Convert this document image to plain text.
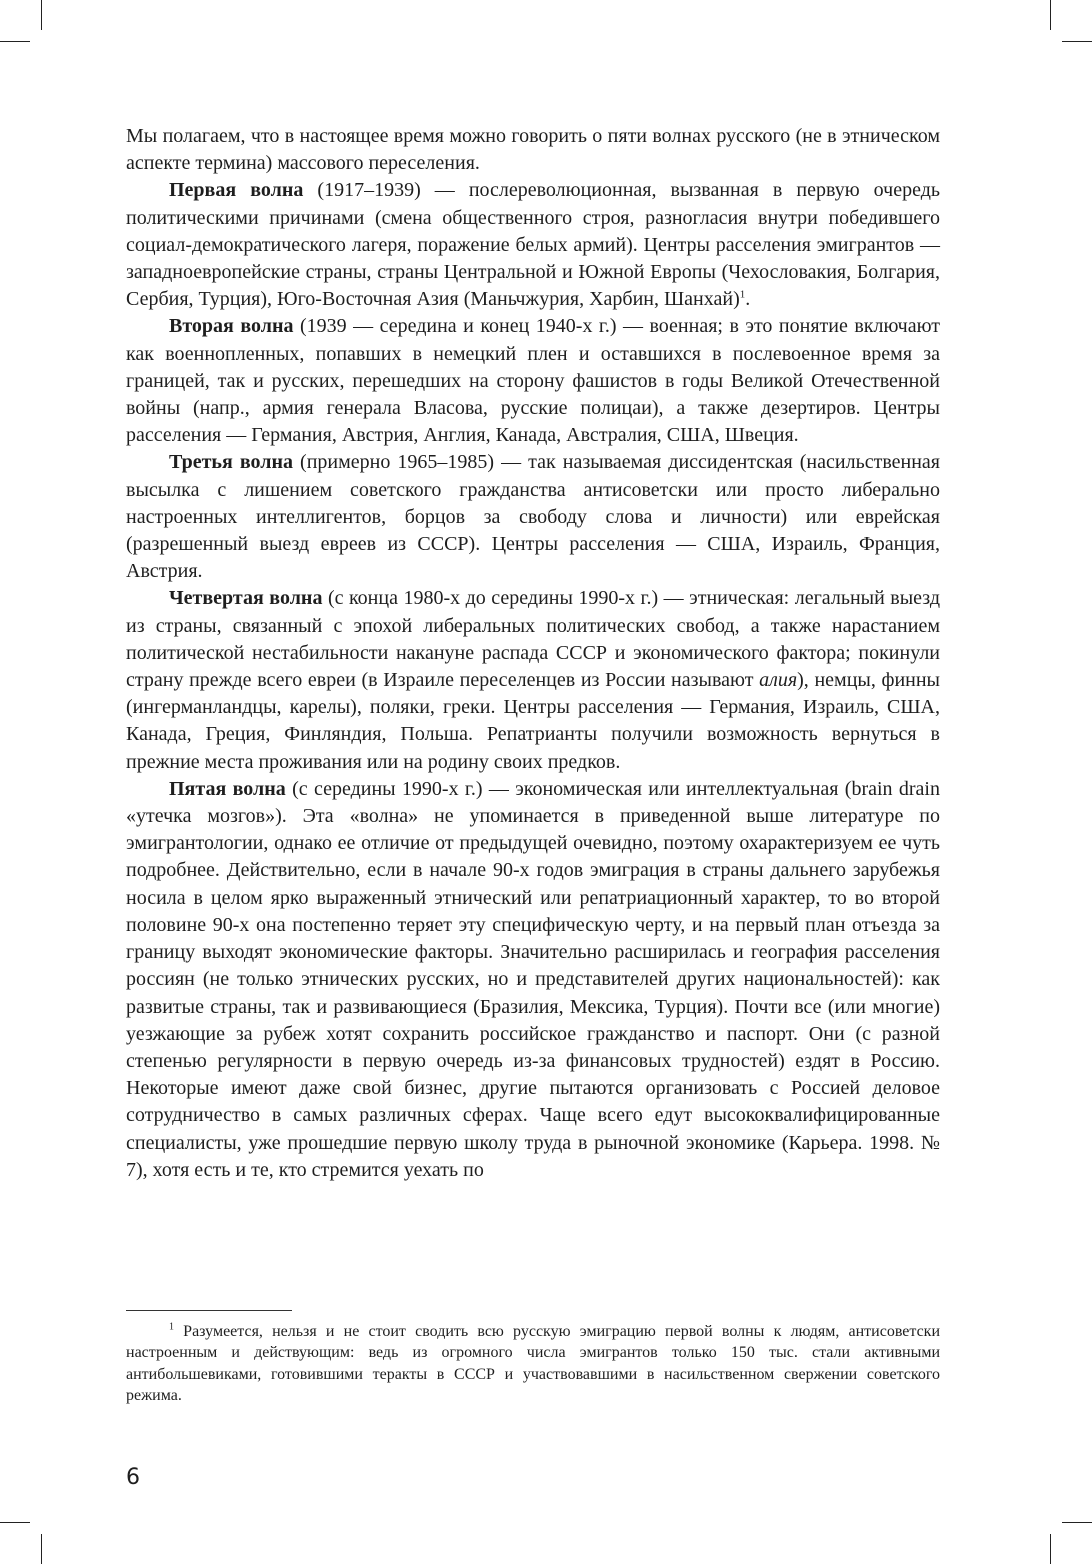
Мы полагаем, что в настоящее время можно говорить о пяти волнах русского (не в этническом аспекте термина) массового переселения.

Первая волна (1917–1939) — послереволюционная, вызванная в первую очередь политическими причинами (смена общественного строя, разногласия внутри победившего социал-демократического лагеря, поражение белых армий). Центры расселения эмигрантов — западноевропейские страны, страны Центральной и Южной Европы (Чехословакия, Болгария, Сербия, Турция), Юго-Восточная Азия (Маньчжурия, Харбин, Шанхай)$^1$.

Вторая волна (1939 — середина и конец 1940-х г.) — военная; в это понятие включают как военнопленных, попавших в немецкий плен и оставшихся в послевоенное время за границей, так и русских, перешедших на сторону фашистов в годы Великой Отечественной войны (напр., армия генерала Власова, русские полицаи), а также дезертиров. Центры расселения — Германия, Австрия, Англия, Канада, Австралия, США, Швеция.

Третья волна (примерно 1965–1985) — так называемая диссидентская (насильственная высылка с лишением советского гражданства антисоветски или просто либерально настроенных интеллигентов, борцов за свободу слова и личности) или еврейская (разрешенный выезд евреев из СССР). Центры расселения — США, Израиль, Франция, Австрия.

Четвертая волна (с конца 1980-х до середины 1990-х г.) — этническая: легальный выезд из страны, связанный с эпохой либеральных политических свобод, а также нарастанием политической нестабильности накануне распада СССР и экономического фактора; покинули страну прежде всего евреи (в Израиле переселенцев из России называют алия), немцы, финны (ингерманландцы, карелы), поляки, греки. Центры расселения — Германия, Израиль, США, Канада, Греция, Финляндия, Польша. Репатрианты получили возможность вернуться в прежние места проживания или на родину своих предков.

Пятая волна (с середины 1990-х г.) — экономическая или интеллектуальная (brain drain «утечка мозгов»). Эта «волна» не упоминается в приведенной выше литературе по эмигрантологии, однако ее отличие от предыдущей очевидно, поэтому охарактеризуем ее чуть подробнее. Действительно, если в начале 90-х годов эмиграция в страны дальнего зарубежья носила в целом ярко выраженный этнический или репатриационный характер, то во второй половине 90-х она постепенно теряет эту специфическую черту, и на первый план отъезда за границу выходят экономические факторы. Значительно расширилась и география расселения россиян (не только этнических русских, но и представителей других национальностей): как развитые страны, так и развивающиеся (Бразилия, Мексика, Турция). Почти все (или многие) уезжающие за рубеж хотят сохранить российское гражданство и паспорт. Они (с разной степенью регулярности в первую очередь из-за финансовых трудностей) ездят в Россию. Некоторые имеют даже свой бизнес, другие пытаются организовать с Россией деловое сотрудничество в самых различных сферах. Чаще всего едут высококвалифицированные специалисты, уже прошедшие первую школу труда в рыночной экономике (Карьера. 1998. № 7), хотя есть и те, кто стремится уехать по

$^1$ Разумеется, нельзя и не стоит сводить всю русскую эмиграцию первой волны к людям, антисоветски настроенным и действующим: ведь из огромного числа эмигрантов только 150 тыс. стали активными антибольшевиками, готовившими теракты в СССР и участвовавшими в насильственном свержении советского режима.

6
